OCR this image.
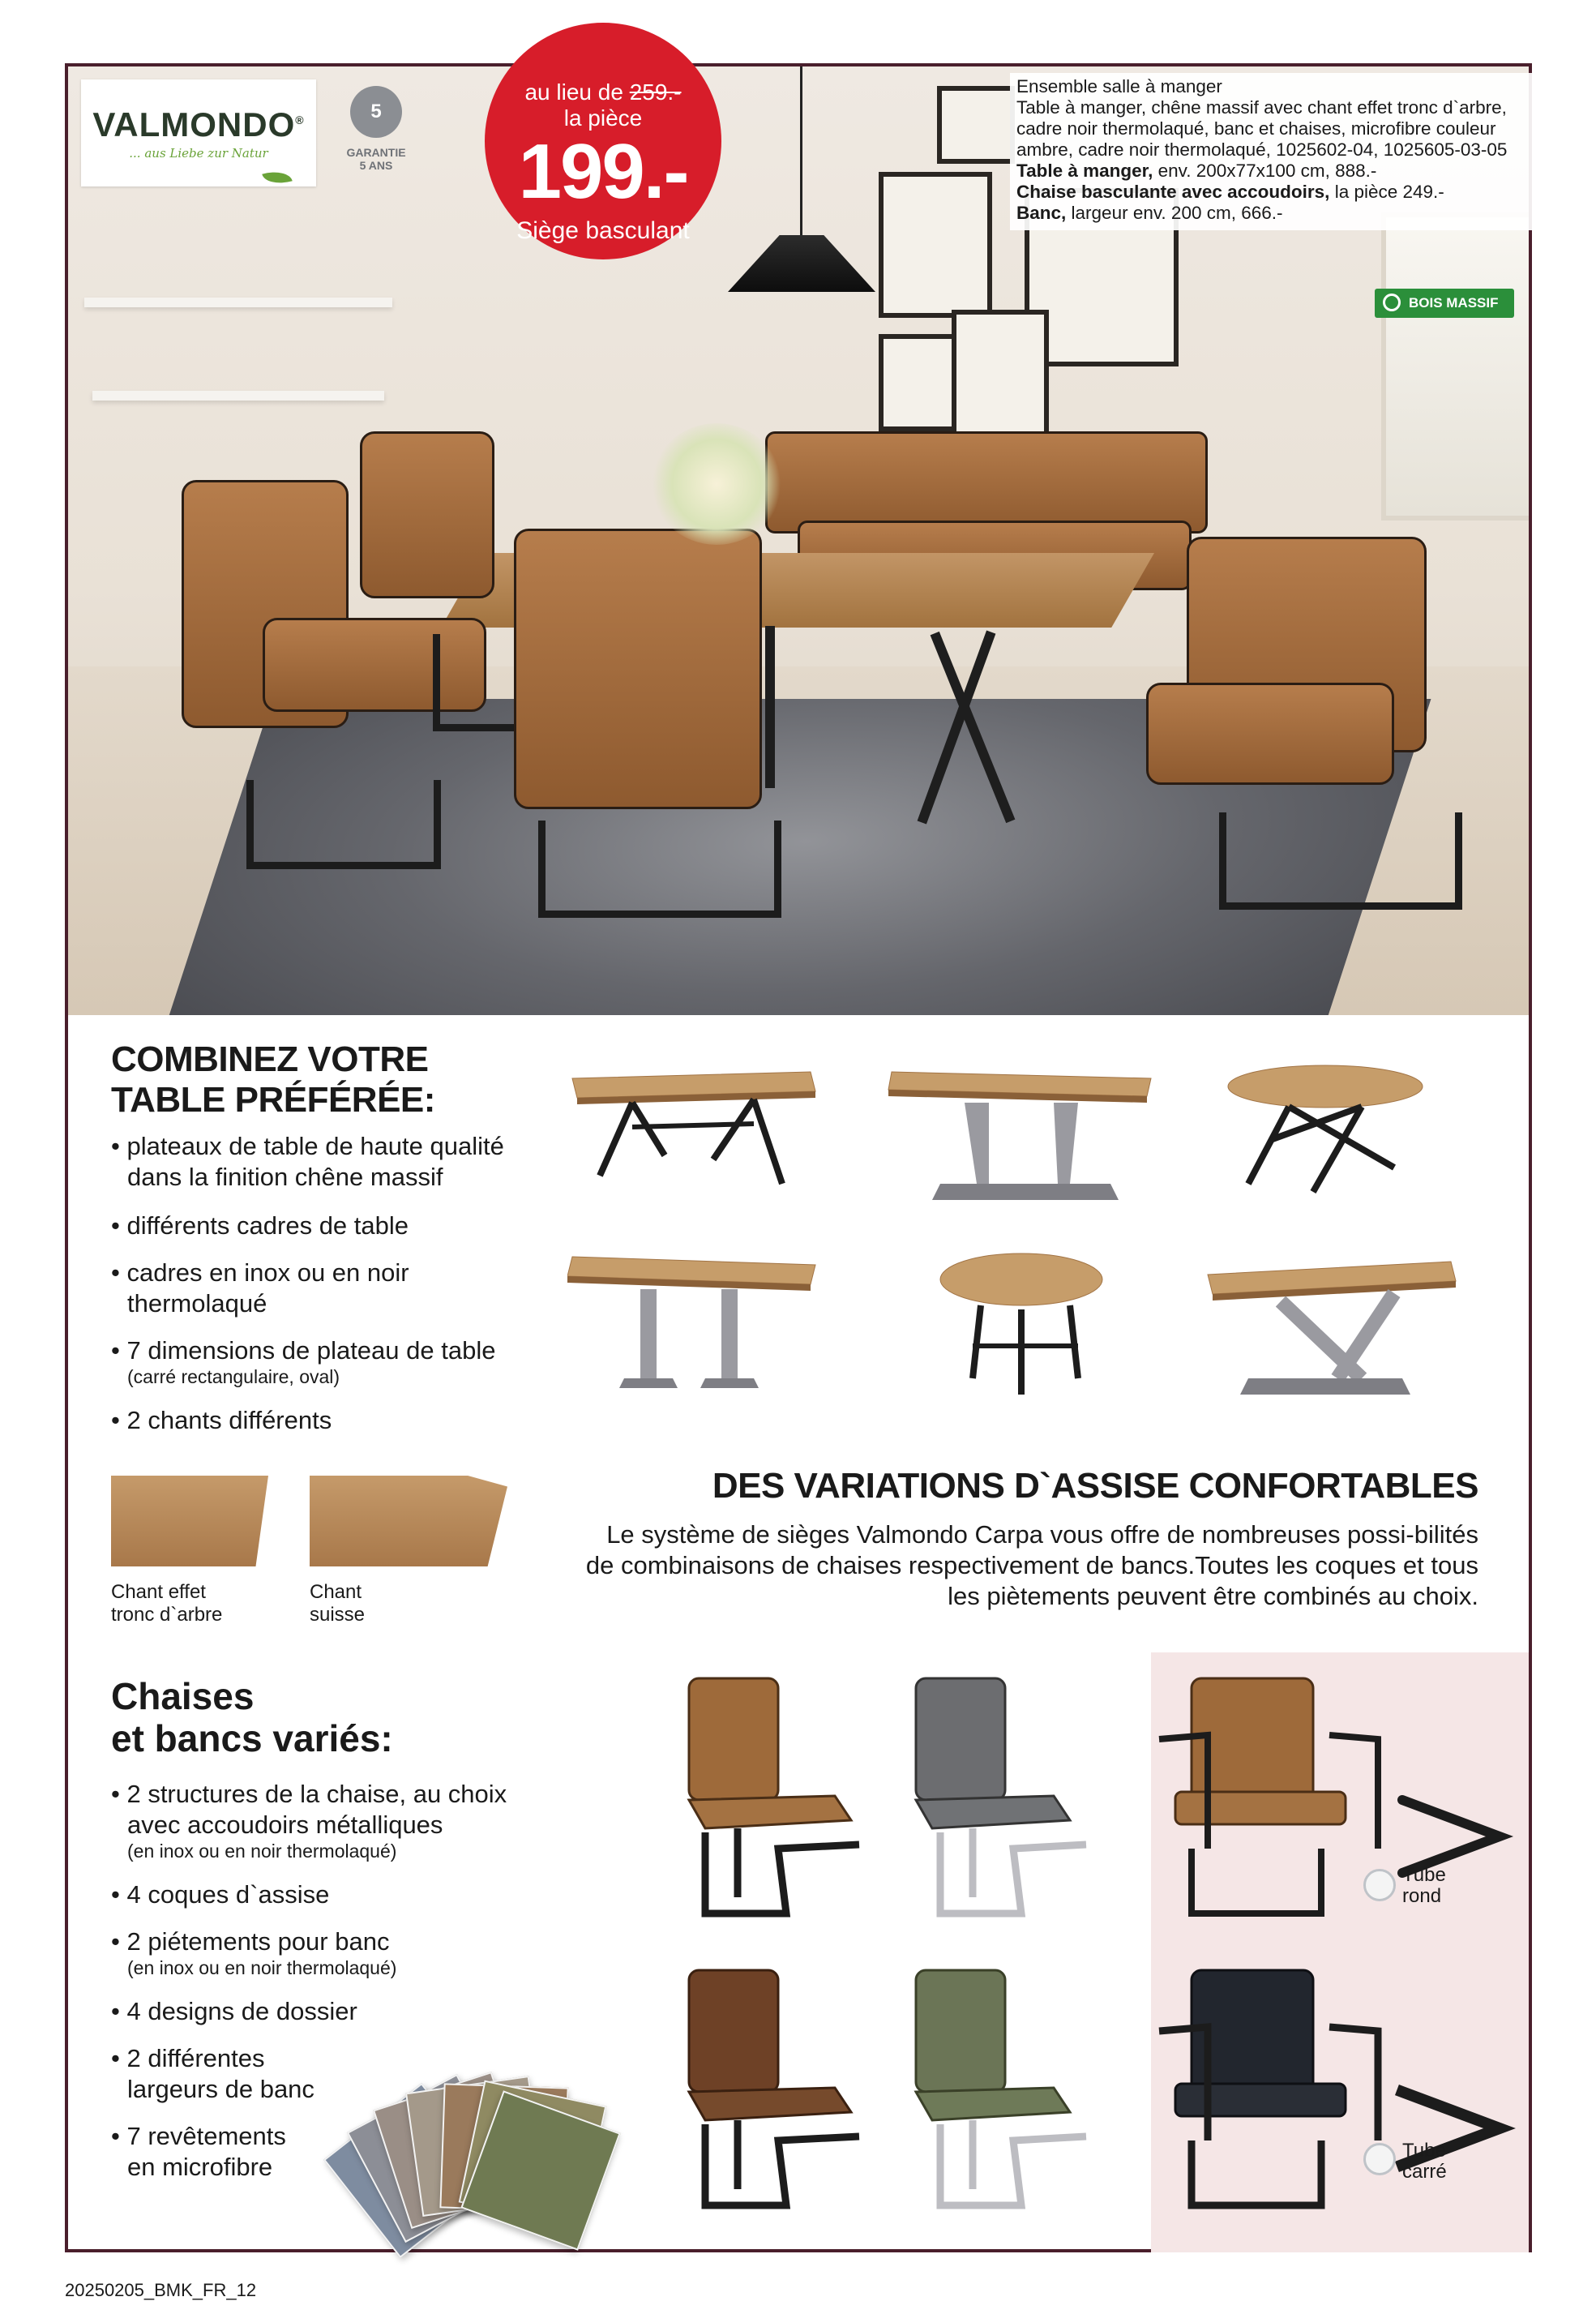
VALMONDO®
... aus Liebe zur Natur
5
GARANTIE
5 ANS
au lieu de 259.-
la pièce
199.-
Siège basculant
Ensemble salle à manger
Table à manger, chêne massif avec chant effet tronc d`arbre, cadre noir thermolaqué, banc et chaises, microfibre couleur ambre, cadre noir thermolaqué, 1025602-04, 1025605-03-05
Table à manger, env. 200x77x100 cm, 888.-
Chaise basculante avec accoudoirs, la pièce 249.-
Banc, largeur env. 200 cm, 666.-
BOIS MASSIF
COMBINEZ VOTRE
TABLE PRÉFÉRÉE:
• plateaux de table de haute qualité
dans la finition chêne massif
• différents cadres de table
• cadres en inox ou en noir
thermolaqué
• 7 dimensions de plateau de table
(carré rectangulaire, oval)
• 2 chants différents
Chant effet
tronc d`arbre
Chant
suisse
DES VARIATIONS D`ASSISE CONFORTABLES
Le système de sièges Valmondo Carpa vous offre de nombreuses possi-bilités de combinaisons de chaises respectivement de bancs.Toutes les coques et tous les piètements peuvent être combinés au choix.
Chaises
et bancs variés:
• 2 structures de la chaise, au choix
avec accoudoirs métalliques
(en inox ou en noir thermolaqué)
• 4 coques d`assise
• 2 piétements pour banc
(en inox ou en noir thermolaqué)
• 4 designs de dossier
• 2 différentes
largeurs de banc
• 7 revêtements
en microfibre
Tube
rond
Tube
carré
20250205_BMK_FR_12
